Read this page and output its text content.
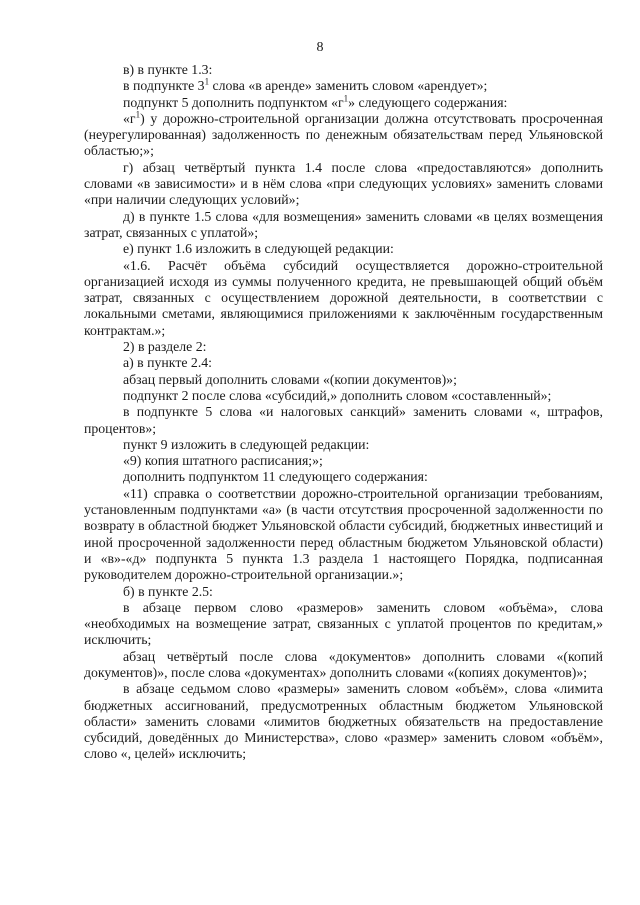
8

в) в пункте 1.3:

в подпункте $3^1$ слова «в аренде» заменить словом «арендует»;

подпункт 5 дополнить подпунктом «$г^1$» следующего содержания:

«$г^1$) у дорожно-строительной организации должна отсутствовать просроченная (неурегулированная) задолженность по денежным обязательствам перед Ульяновской областью;»;

г) абзац четвёртый пункта 1.4 после слова «предоставляются» дополнить словами «в зависимости» и в нём слова «при следующих условиях» заменить словами «при наличии следующих условий»;

д) в пункте 1.5 слова «для возмещения» заменить словами «в целях возмещения затрат, связанных с уплатой»;

е) пункт 1.6 изложить в следующей редакции:

«1.6. Расчёт объёма субсидий осуществляется дорожно-строительной организацией исходя из суммы полученного кредита, не превышающей общий объём затрат, связанных с осуществлением дорожной деятельности, в соответствии с локальными сметами, являющимися приложениями к заключённым государственным контрактам.»;

2) в разделе 2:

а) в пункте 2.4:

абзац первый дополнить словами «(копии документов)»;

подпункт 2 после слова «субсидий,» дополнить словом «составленный»;

в подпункте 5 слова «и налоговых санкций» заменить словами «, штрафов, процентов»;

пункт 9 изложить в следующей редакции:

«9) копия штатного расписания;»;

дополнить подпунктом 11 следующего содержания:

«11) справка о соответствии дорожно-строительной организации требованиям, установленным подпунктами «а» (в части отсутствия просроченной задолженности по возврату в областной бюджет Ульяновской области субсидий, бюджетных инвестиций и иной просроченной задолженности перед областным бюджетом Ульяновской области) и «в»-«д» подпункта 5 пункта 1.3 раздела 1 настоящего Порядка, подписанная руководителем дорожно-строительной организации.»;

б) в пункте 2.5:

в абзаце первом слово «размеров» заменить словом «объёма», слова «необходимых на возмещение затрат, связанных с уплатой процентов по кредитам,» исключить;

абзац четвёртый после слова «документов» дополнить словами «(копий документов)», после слова «документах» дополнить словами «(копиях документов)»;

в абзаце седьмом слово «размеры» заменить словом «объём», слова «лимита бюджетных ассигнований, предусмотренных областным бюджетом Ульяновской области» заменить словами «лимитов бюджетных обязательств на предоставление субсидий, доведённых до Министерства», слово «размер» заменить словом «объём», слово «, целей» исключить;
